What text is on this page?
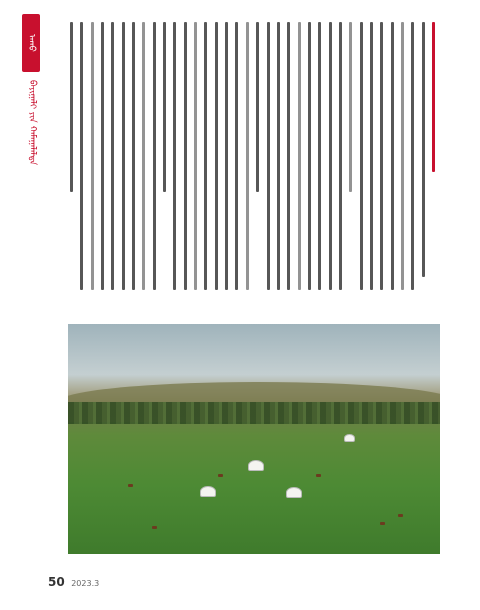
ᠠᠬᠤ
ᠪᠠᠶᠢᠭᠠᠯᠢ ᠶᠢᠨ ᠬᠠᠮᠠᠭᠠᠯᠠᠯᠲᠠ
50 2023.3
